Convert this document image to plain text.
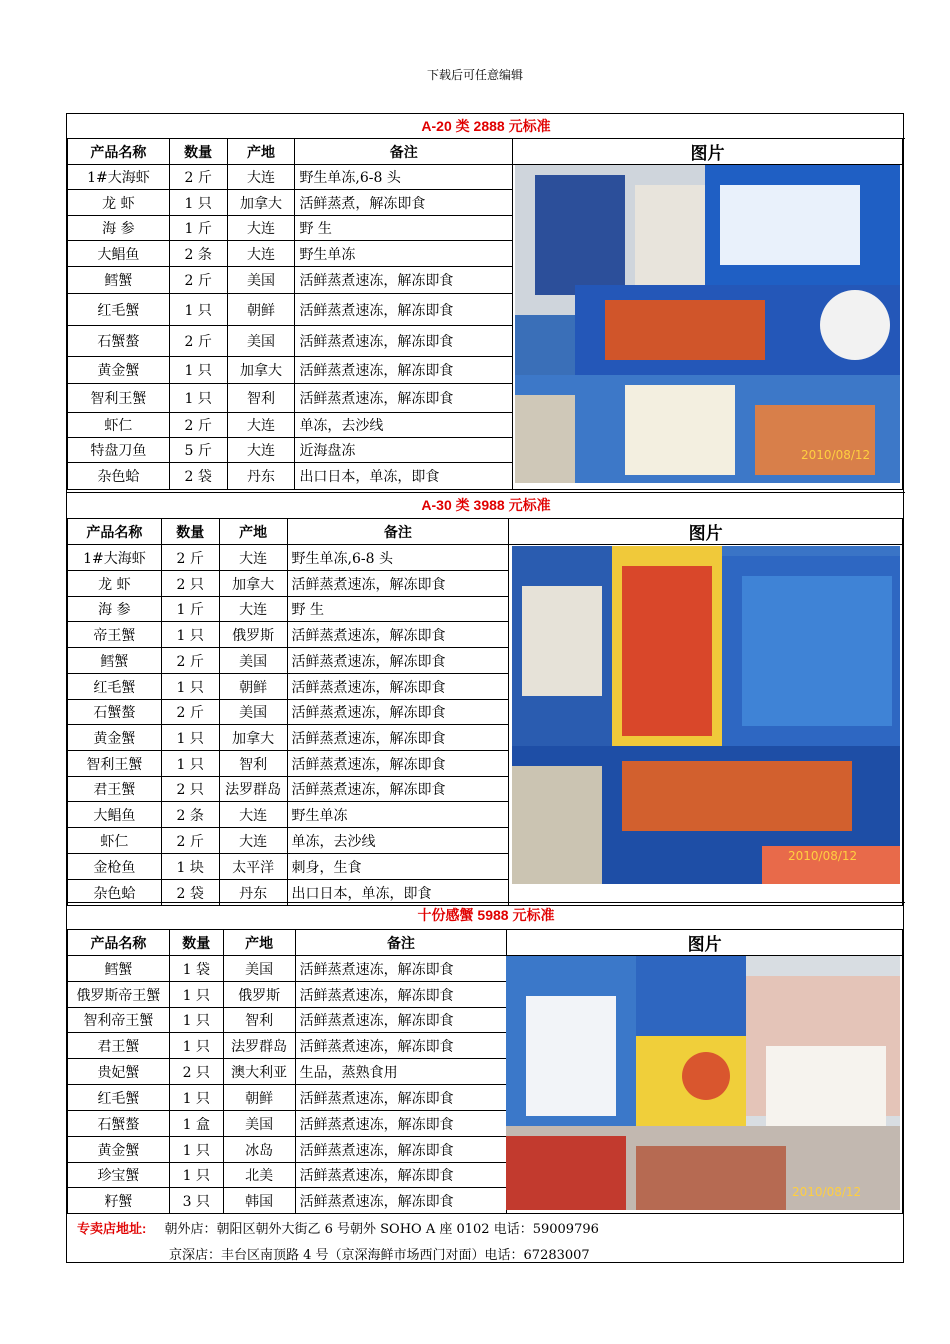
下载后可任意编辑
A-20 类 2888 元标准
产品名称	数量	产地	备注	图片
1#大海虾	2 斤	大连	野生单冻,6-8 头	
龙 虾	1 只	加拿大	活鲜蒸煮，解冻即食	
海 参	1 斤	大连	野 生	
大鲳鱼	2 条	大连	野生单冻	
鳕蟹	2 斤	美国	活鲜蒸煮速冻，解冻即食	
红毛蟹	1 只	朝鲜	活鲜蒸煮速冻，解冻即食	
石蟹螯	2 斤	美国	活鲜蒸煮速冻，解冻即食	
黄金蟹	1 只	加拿大	活鲜蒸煮速冻，解冻即食	
智利王蟹	1 只	智利	活鲜蒸煮速冻，解冻即食	
虾仁	2 斤	大连	单冻，去沙线	
特盘刀鱼	5 斤	大连	近海盘冻	
杂色蛤	2 袋	丹东	出口日本，单冻，即食	
2010/08/12
A-30 类 3988 元标准
产品名称	数量	产地	备注	图片
1#大海虾	2 斤	大连	野生单冻,6-8 头	
龙 虾	2 只	加拿大	活鲜蒸煮速冻，解冻即食	
海 参	1 斤	大连	野 生	
帝王蟹	1 只	俄罗斯	活鲜蒸煮速冻，解冻即食	
鳕蟹	2 斤	美国	活鲜蒸煮速冻，解冻即食	
红毛蟹	1 只	朝鲜	活鲜蒸煮速冻，解冻即食	
石蟹螯	2 斤	美国	活鲜蒸煮速冻，解冻即食	
黄金蟹	1 只	加拿大	活鲜蒸煮速冻，解冻即食	
智利王蟹	1 只	智利	活鲜蒸煮速冻，解冻即食	
君王蟹	2 只	法罗群岛	活鲜蒸煮速冻，解冻即食	
大鲳鱼	2 条	大连	野生单冻	
虾仁	2 斤	大连	单冻，去沙线	
金枪鱼	1 块	太平洋	刺身，生食	
杂色蛤	2 袋	丹东	出口日本，单冻，即食	
2010/08/12
十份感蟹 5988 元标准
产品名称	数量	产地	备注	图片
鳕蟹	1 袋	美国	活鲜蒸煮速冻，解冻即食	
俄罗斯帝王蟹	1 只	俄罗斯	活鲜蒸煮速冻，解冻即食	
智利帝王蟹	1 只	智利	活鲜蒸煮速冻，解冻即食	
君王蟹	1 只	法罗群岛	活鲜蒸煮速冻，解冻即食	
贵妃蟹	2 只	澳大利亚	生品，蒸熟食用	
红毛蟹	1 只	朝鲜	活鲜蒸煮速冻，解冻即食	
石蟹螯	1 盒	美国	活鲜蒸煮速冻，解冻即食	
黄金蟹	1 只	冰岛	活鲜蒸煮速冻，解冻即食	
珍宝蟹	1 只	北美	活鲜蒸煮速冻，解冻即食	
籽蟹	3 只	韩国	活鲜蒸煮速冻，解冻即食	
2010/08/12
专卖店地址: 朝外店：朝阳区朝外大街乙 6 号朝外 SOHO A 座 0102 电话：59009796
京深店：丰台区南顶路 4 号（京深海鲜市场西门对面）电话：67283007
